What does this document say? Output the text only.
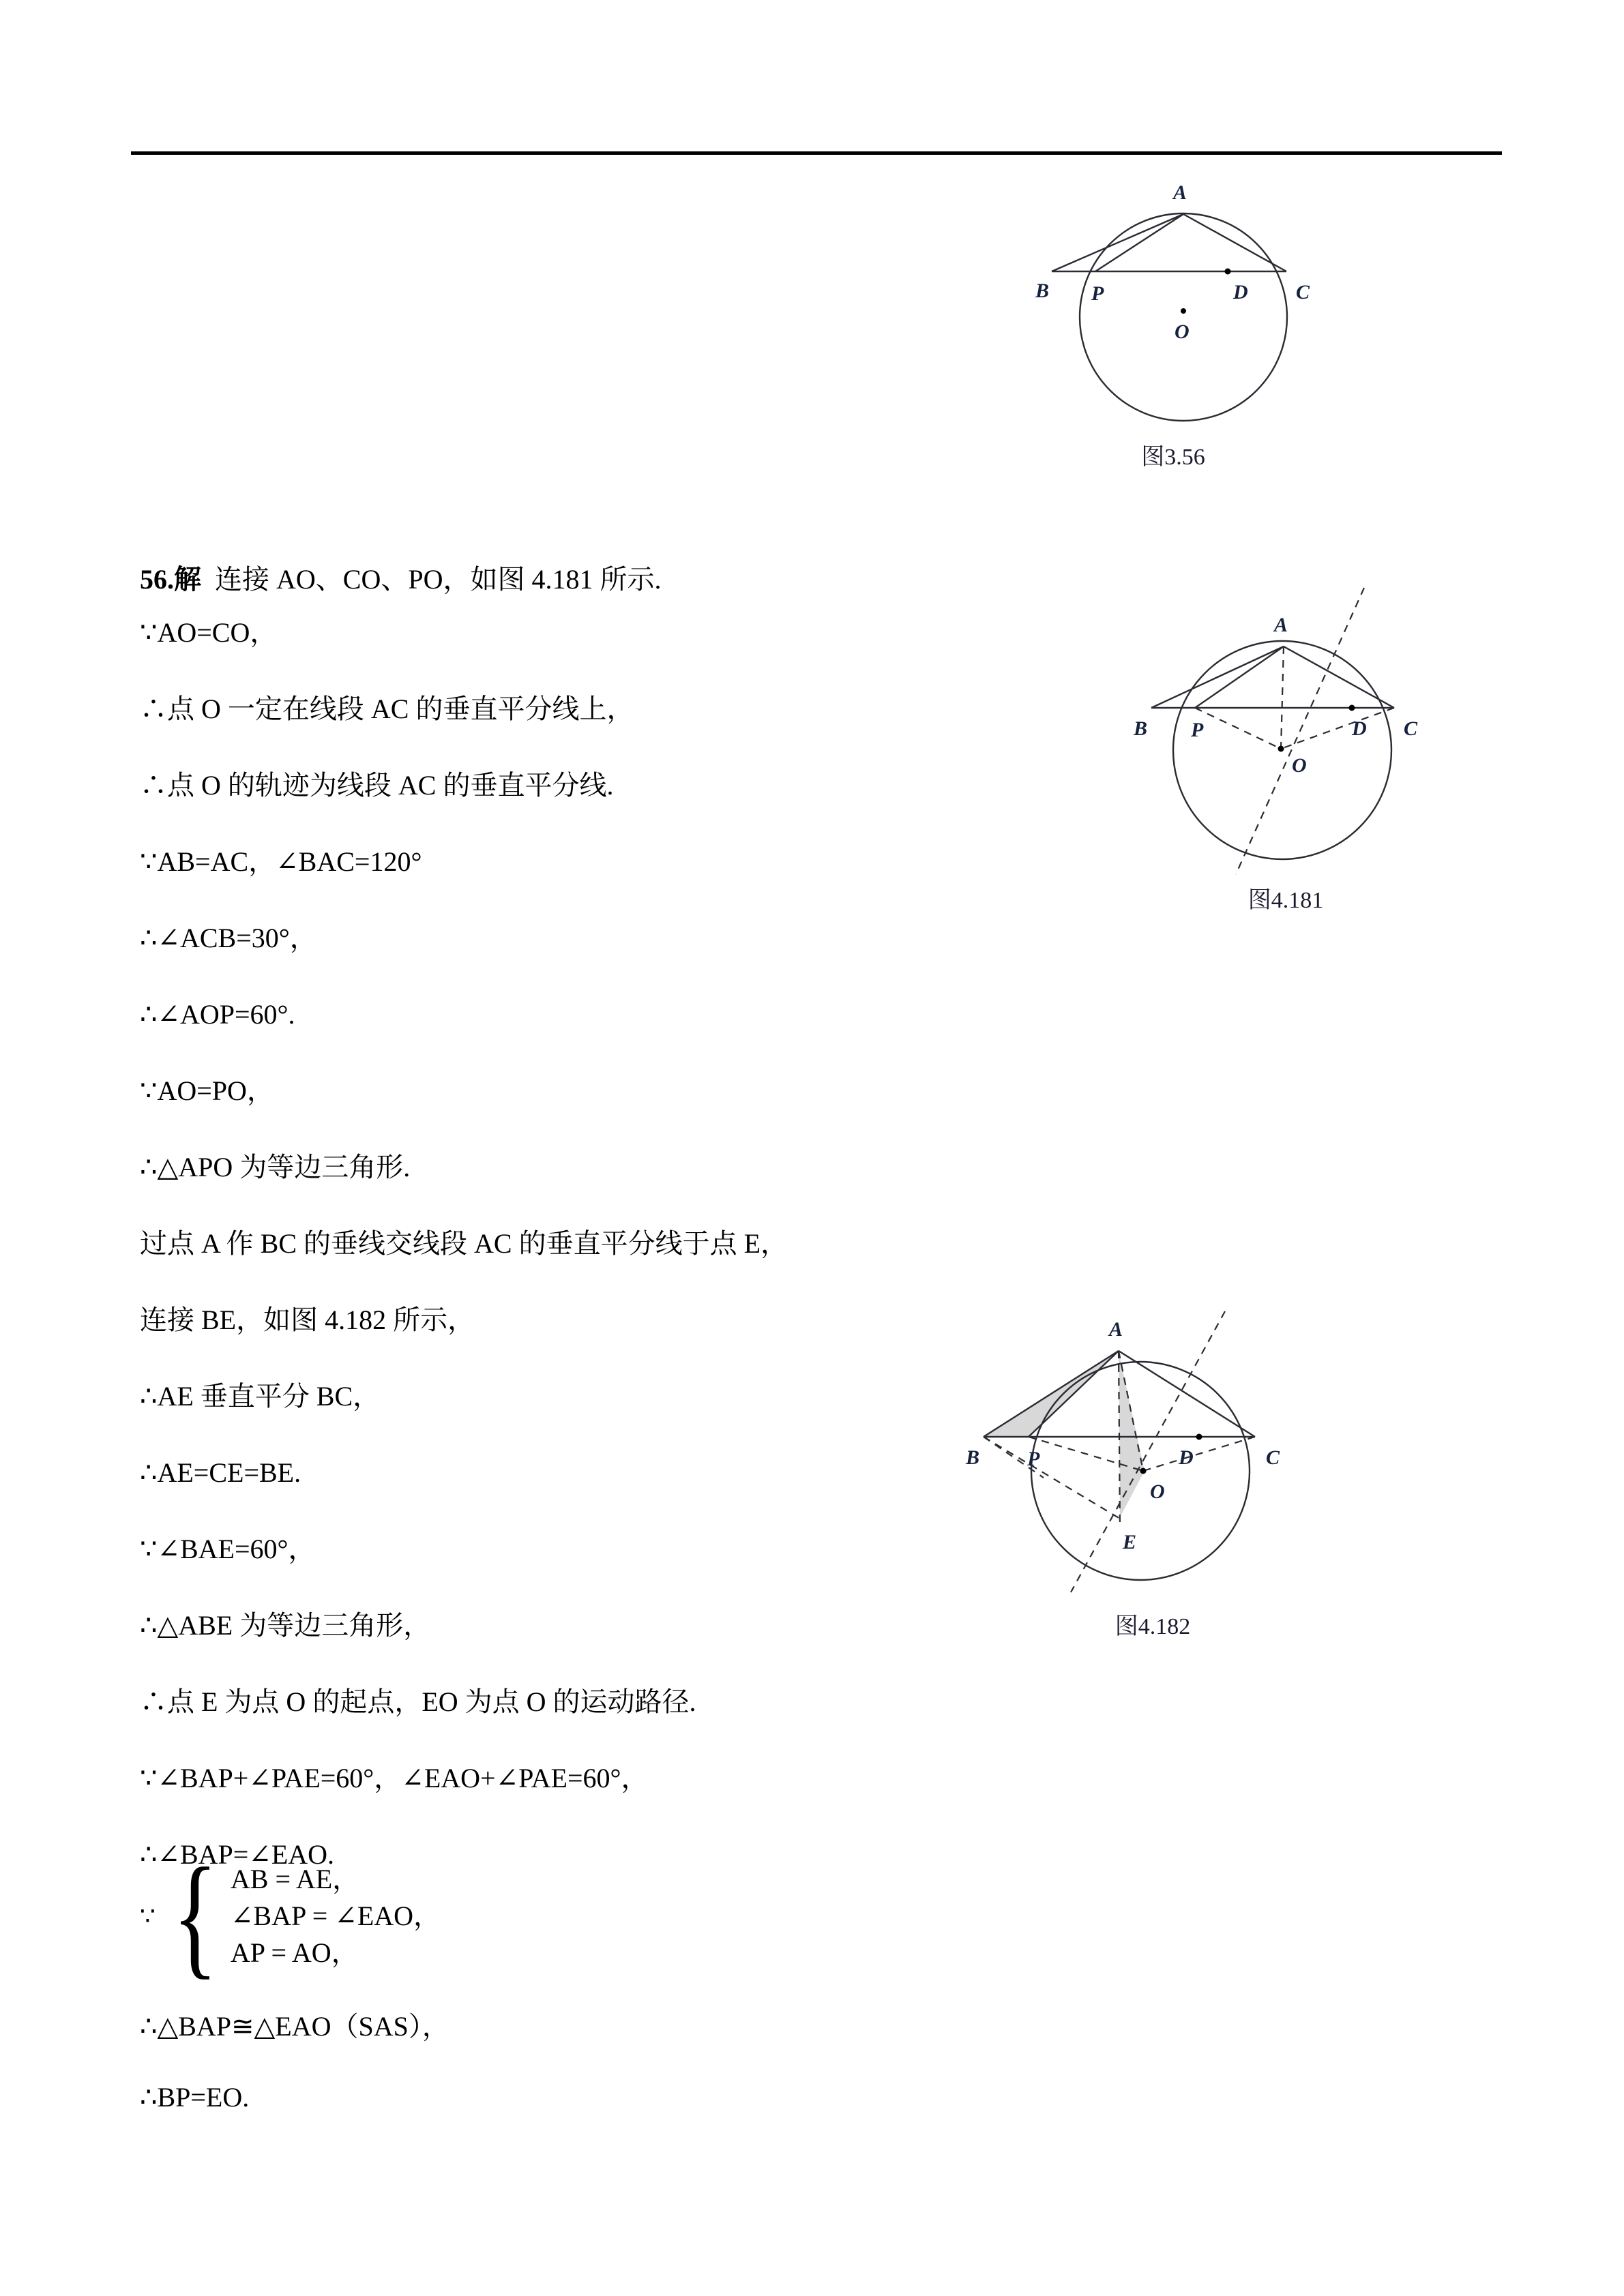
A
B	C
D
O
P
图3.56
A
B	C
D
O
P
图4.181
A
B	C
D
O
P
E
图4.182
56. 解
连接 AO、CO、PO，如图 4.181 所示.
∵AO=CO，
∴点 O 一定在线段 AC 的垂直平分线上，
∴点 O 的轨迹为线段 AC 的垂直平分线.
∵AB=AC，∠BAC=120°
∴∠ACB=30°，
∴∠AOP=60°.
∵AO=PO，
∴△APO 为等边三角形.
过点 A 作 BC 的垂线交线段 AC 的垂直平分线于点 E，
连接 BE，如图 4.182 所示，
∴AE 垂直平分 BC，
∴AE=CE=BE.
∵∠BAE=60°，
∴△ABE 为等边三角形，
∴点 E 为点 O 的起点，EO 为点 O 的运动路径.
∵∠BAP+∠PAE=60°，∠EAO+∠PAE=60°，
∴∠BAP=∠EAO.
∵ { AB = AE，
∠BAP = ∠EAO，
AP = AO，
∴△BAP≅△EAO（SAS），
∴BP=EO.
